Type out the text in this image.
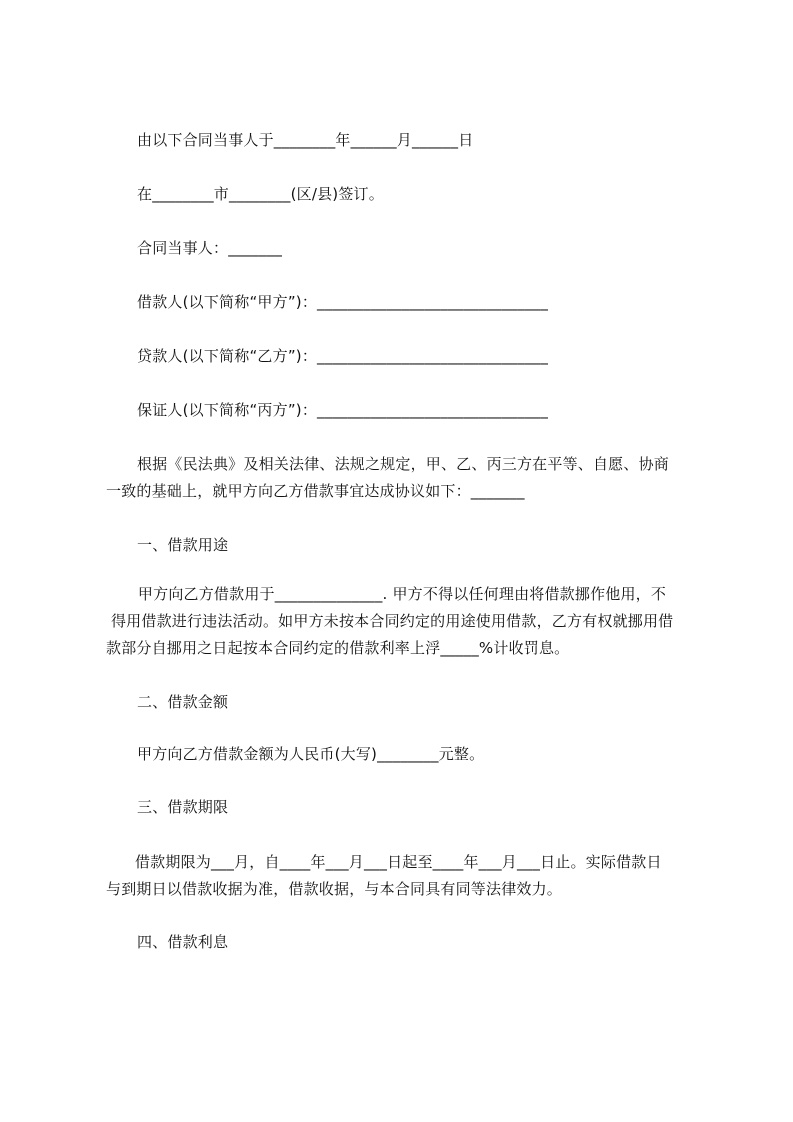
由以下合同当事人于________年______月______日
在________市________(区/县)签订。
合同当事人：_______
借款人(以下简称“甲方”)：______________________________
贷款人(以下简称“乙方”)：______________________________
保证人(以下简称“丙方”)：______________________________
根据《民法典》及相关法律、法规之规定，甲、乙、丙三方在平等、自愿、协商
一致的基础上，就甲方向乙方借款事宜达成协议如下：_______
一、借款用途
甲方向乙方借款用于______________. 甲方不得以任何理由将借款挪作他用，不
得用借款进行违法活动。如甲方未按本合同约定的用途使用借款，乙方有权就挪用借
款部分自挪用之日起按本合同约定的借款利率上浮_____%计收罚息。
二、借款金额
甲方向乙方借款金额为人民币(大写)________元整。
三、借款期限
借款期限为___月，自____年___月___日起至____年___月___日止。实际借款日
与到期日以借款收据为准，借款收据，与本合同具有同等法律效力。
四、借款利息
